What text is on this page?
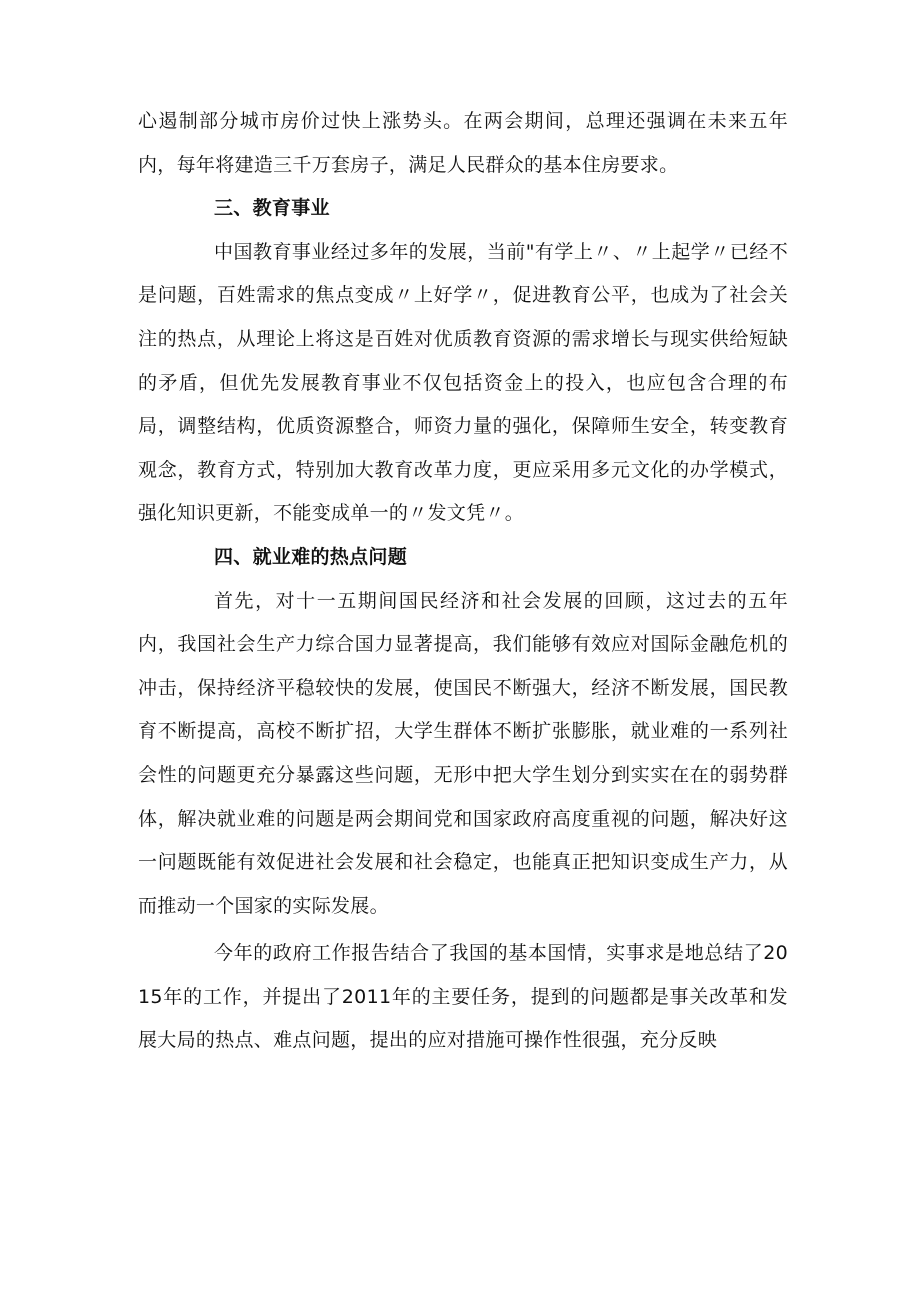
心遏制部分城市房价过快上涨势头。在两会期间，总理还强调在未来五年内，每年将建造三千万套房子，满足人民群众的基本住房要求。

三、教育事业

中国教育事业经过多年的发展，当前"有学上〃、〃上起学〃已经不是问题，百姓需求的焦点变成〃上好学〃，促进教育公平，也成为了社会关注的热点，从理论上将这是百姓对优质教育资源的需求增长与现实供给短缺的矛盾，但优先发展教育事业不仅包括资金上的投入，也应包含合理的布局，调整结构，优质资源整合，师资力量的强化，保障师生安全，转变教育观念，教育方式，特别加大教育改革力度，更应采用多元文化的办学模式，强化知识更新，不能变成单一的〃发文凭〃。

四、就业难的热点问题

首先，对十一五期间国民经济和社会发展的回顾，这过去的五年内，我国社会生产力综合国力显著提高，我们能够有效应对国际金融危机的冲击，保持经济平稳较快的发展，使国民不断强大，经济不断发展，国民教育不断提高，高校不断扩招，大学生群体不断扩张膨胀，就业难的一系列社会性的问题更充分暴露这些问题，无形中把大学生划分到实实在在的弱势群体，解决就业难的问题是两会期间党和国家政府高度重视的问题，解决好这一问题既能有效促进社会发展和社会稳定，也能真正把知识变成生产力，从而推动一个国家的实际发展。

今年的政府工作报告结合了我国的基本国情，实事求是地总结了2015年的工作，并提出了2011年的主要任务，提到的问题都是事关改革和发展大局的热点、难点问题，提出的应对措施可操作性很强，充分反映
